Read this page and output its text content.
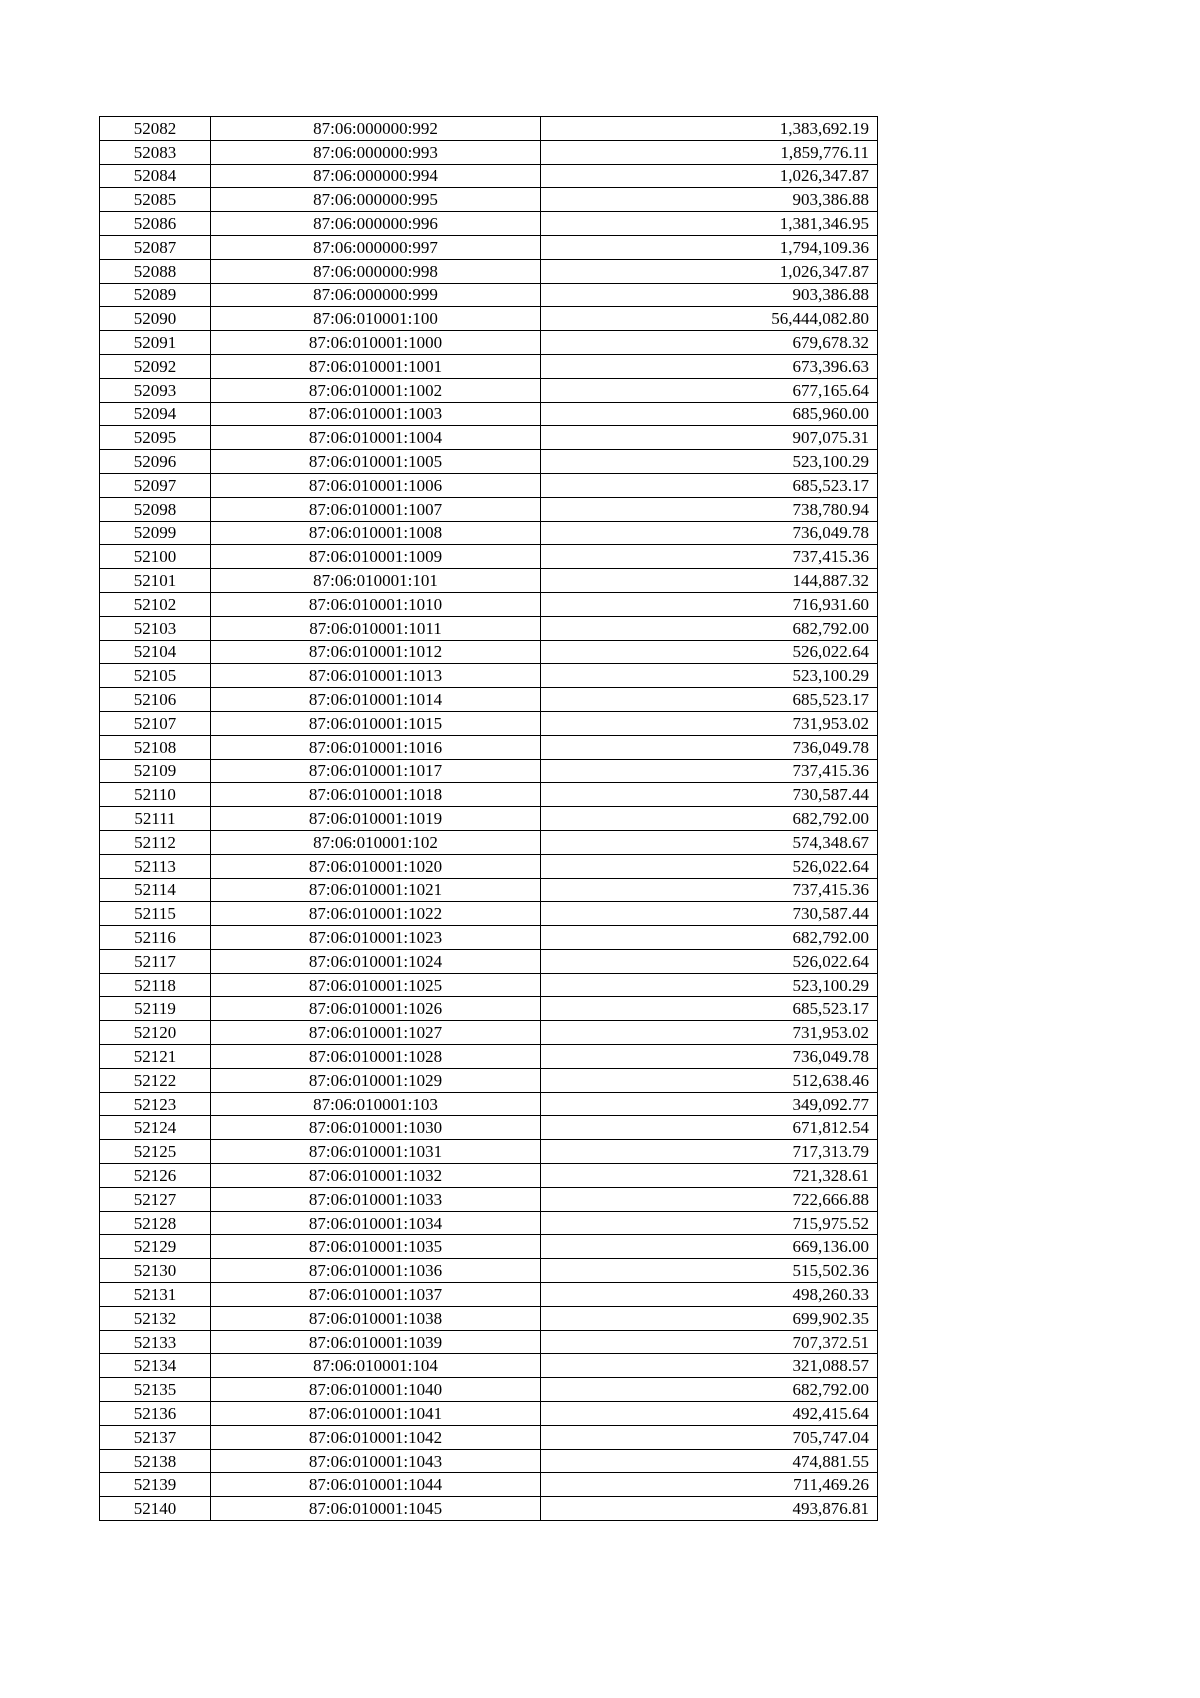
52082	87:06:000000:992	1,383,692.19
52083	87:06:000000:993	1,859,776.11
52084	87:06:000000:994	1,026,347.87
52085	87:06:000000:995	903,386.88
52086	87:06:000000:996	1,381,346.95
52087	87:06:000000:997	1,794,109.36
52088	87:06:000000:998	1,026,347.87
52089	87:06:000000:999	903,386.88
52090	87:06:010001:100	56,444,082.80
52091	87:06:010001:1000	679,678.32
52092	87:06:010001:1001	673,396.63
52093	87:06:010001:1002	677,165.64
52094	87:06:010001:1003	685,960.00
52095	87:06:010001:1004	907,075.31
52096	87:06:010001:1005	523,100.29
52097	87:06:010001:1006	685,523.17
52098	87:06:010001:1007	738,780.94
52099	87:06:010001:1008	736,049.78
52100	87:06:010001:1009	737,415.36
52101	87:06:010001:101	144,887.32
52102	87:06:010001:1010	716,931.60
52103	87:06:010001:1011	682,792.00
52104	87:06:010001:1012	526,022.64
52105	87:06:010001:1013	523,100.29
52106	87:06:010001:1014	685,523.17
52107	87:06:010001:1015	731,953.02
52108	87:06:010001:1016	736,049.78
52109	87:06:010001:1017	737,415.36
52110	87:06:010001:1018	730,587.44
52111	87:06:010001:1019	682,792.00
52112	87:06:010001:102	574,348.67
52113	87:06:010001:1020	526,022.64
52114	87:06:010001:1021	737,415.36
52115	87:06:010001:1022	730,587.44
52116	87:06:010001:1023	682,792.00
52117	87:06:010001:1024	526,022.64
52118	87:06:010001:1025	523,100.29
52119	87:06:010001:1026	685,523.17
52120	87:06:010001:1027	731,953.02
52121	87:06:010001:1028	736,049.78
52122	87:06:010001:1029	512,638.46
52123	87:06:010001:103	349,092.77
52124	87:06:010001:1030	671,812.54
52125	87:06:010001:1031	717,313.79
52126	87:06:010001:1032	721,328.61
52127	87:06:010001:1033	722,666.88
52128	87:06:010001:1034	715,975.52
52129	87:06:010001:1035	669,136.00
52130	87:06:010001:1036	515,502.36
52131	87:06:010001:1037	498,260.33
52132	87:06:010001:1038	699,902.35
52133	87:06:010001:1039	707,372.51
52134	87:06:010001:104	321,088.57
52135	87:06:010001:1040	682,792.00
52136	87:06:010001:1041	492,415.64
52137	87:06:010001:1042	705,747.04
52138	87:06:010001:1043	474,881.55
52139	87:06:010001:1044	711,469.26
52140	87:06:010001:1045	493,876.81
